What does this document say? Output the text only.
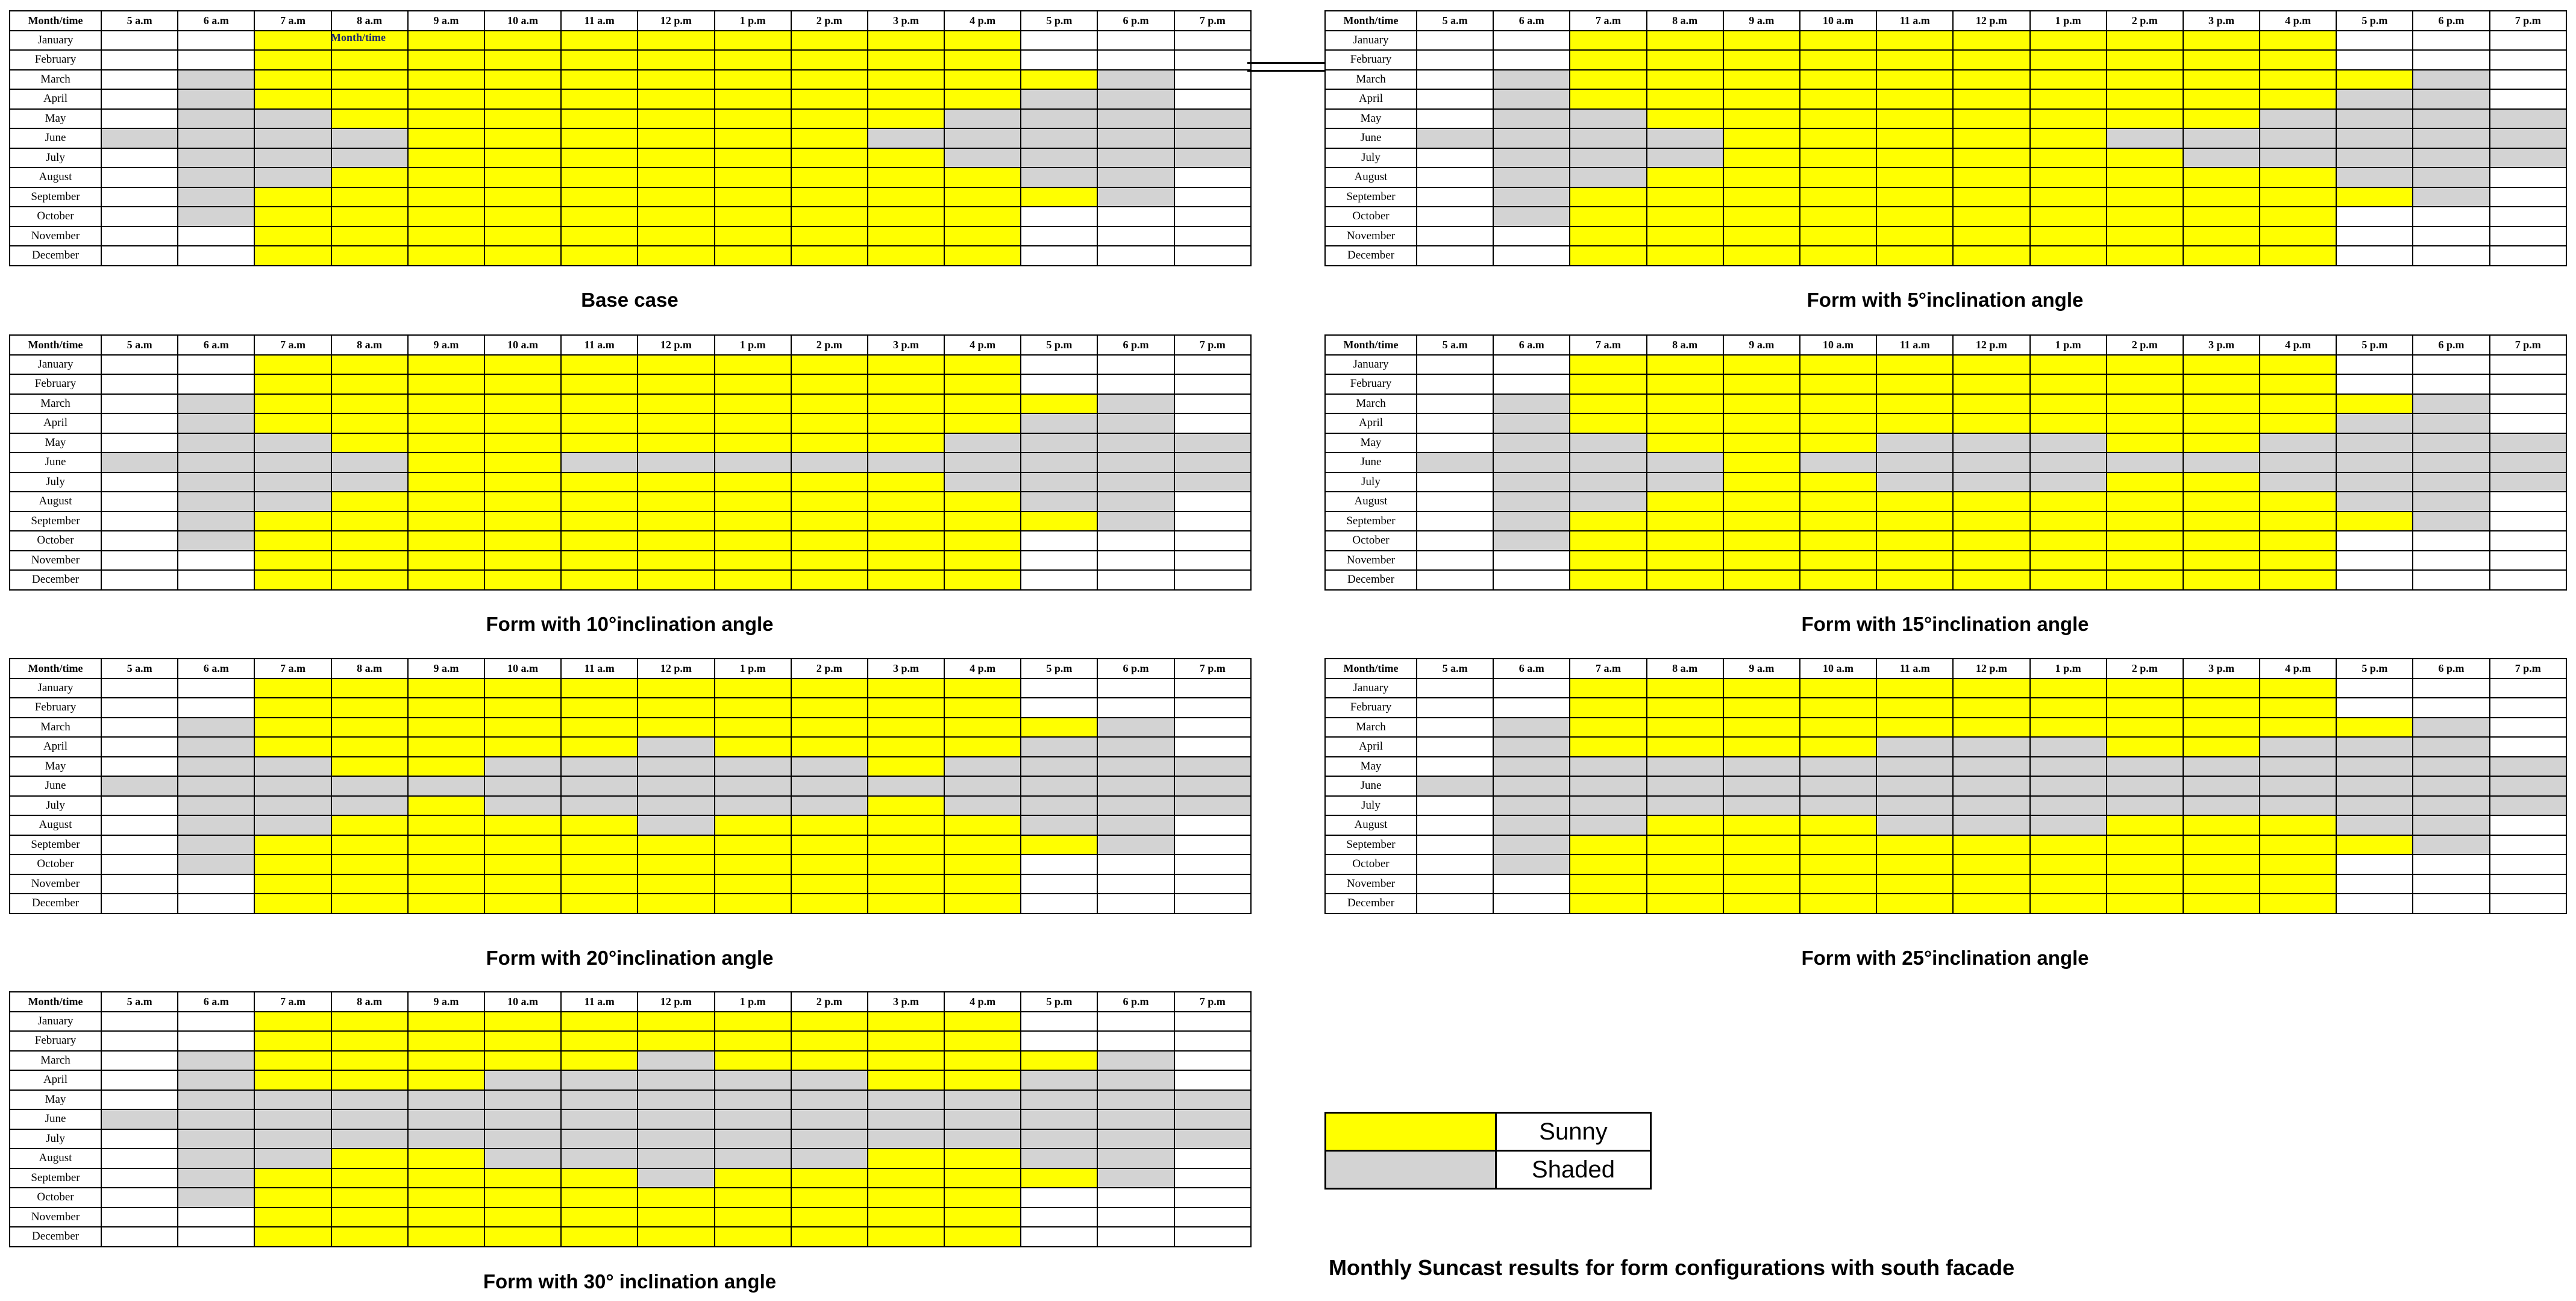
Month/time	5 a.m	6 a.m	7 a.m	8 a.m	9 a.m	10 a.m	11 a.m	12 p.m	1 p.m	2 p.m	3 p.m	4 p.m	5 p.m	6 p.m	7 p.m
January															
February															
March															
April															
May															
June															
July															
August															
September															
October															
November															
December															
Base case
Month/time	5 a.m	6 a.m	7 a.m	8 a.m	9 a.m	10 a.m	11 a.m	12 p.m	1 p.m	2 p.m	3 p.m	4 p.m	5 p.m	6 p.m	7 p.m
January															
February															
March															
April															
May															
June															
July															
August															
September															
October															
November															
December															
Form with 5°inclination angle
Month/time	5 a.m	6 a.m	7 a.m	8 a.m	9 a.m	10 a.m	11 a.m	12 p.m	1 p.m	2 p.m	3 p.m	4 p.m	5 p.m	6 p.m	7 p.m
January															
February															
March															
April															
May															
June															
July															
August															
September															
October															
November															
December															
Form with 10°inclination angle
Month/time	5 a.m	6 a.m	7 a.m	8 a.m	9 a.m	10 a.m	11 a.m	12 p.m	1 p.m	2 p.m	3 p.m	4 p.m	5 p.m	6 p.m	7 p.m
January															
February															
March															
April															
May															
June															
July															
August															
September															
October															
November															
December															
Form with 15°inclination angle
Month/time	5 a.m	6 a.m	7 a.m	8 a.m	9 a.m	10 a.m	11 a.m	12 p.m	1 p.m	2 p.m	3 p.m	4 p.m	5 p.m	6 p.m	7 p.m
January															
February															
March															
April															
May															
June															
July															
August															
September															
October															
November															
December															
Form with 20°inclination angle
Month/time	5 a.m	6 a.m	7 a.m	8 a.m	9 a.m	10 a.m	11 a.m	12 p.m	1 p.m	2 p.m	3 p.m	4 p.m	5 p.m	6 p.m	7 p.m
January															
February															
March															
April															
May															
June															
July															
August															
September															
October															
November															
December															
Form with 25°inclination angle
Month/time	5 a.m	6 a.m	7 a.m	8 a.m	9 a.m	10 a.m	11 a.m	12 p.m	1 p.m	2 p.m	3 p.m	4 p.m	5 p.m	6 p.m	7 p.m
January															
February															
March															
April															
May															
June															
July															
August															
September															
October															
November															
December															
Form with 30° inclination angle
Month/time
	Sunny
	Shaded
Monthly Suncast results for form configurations with south facade
